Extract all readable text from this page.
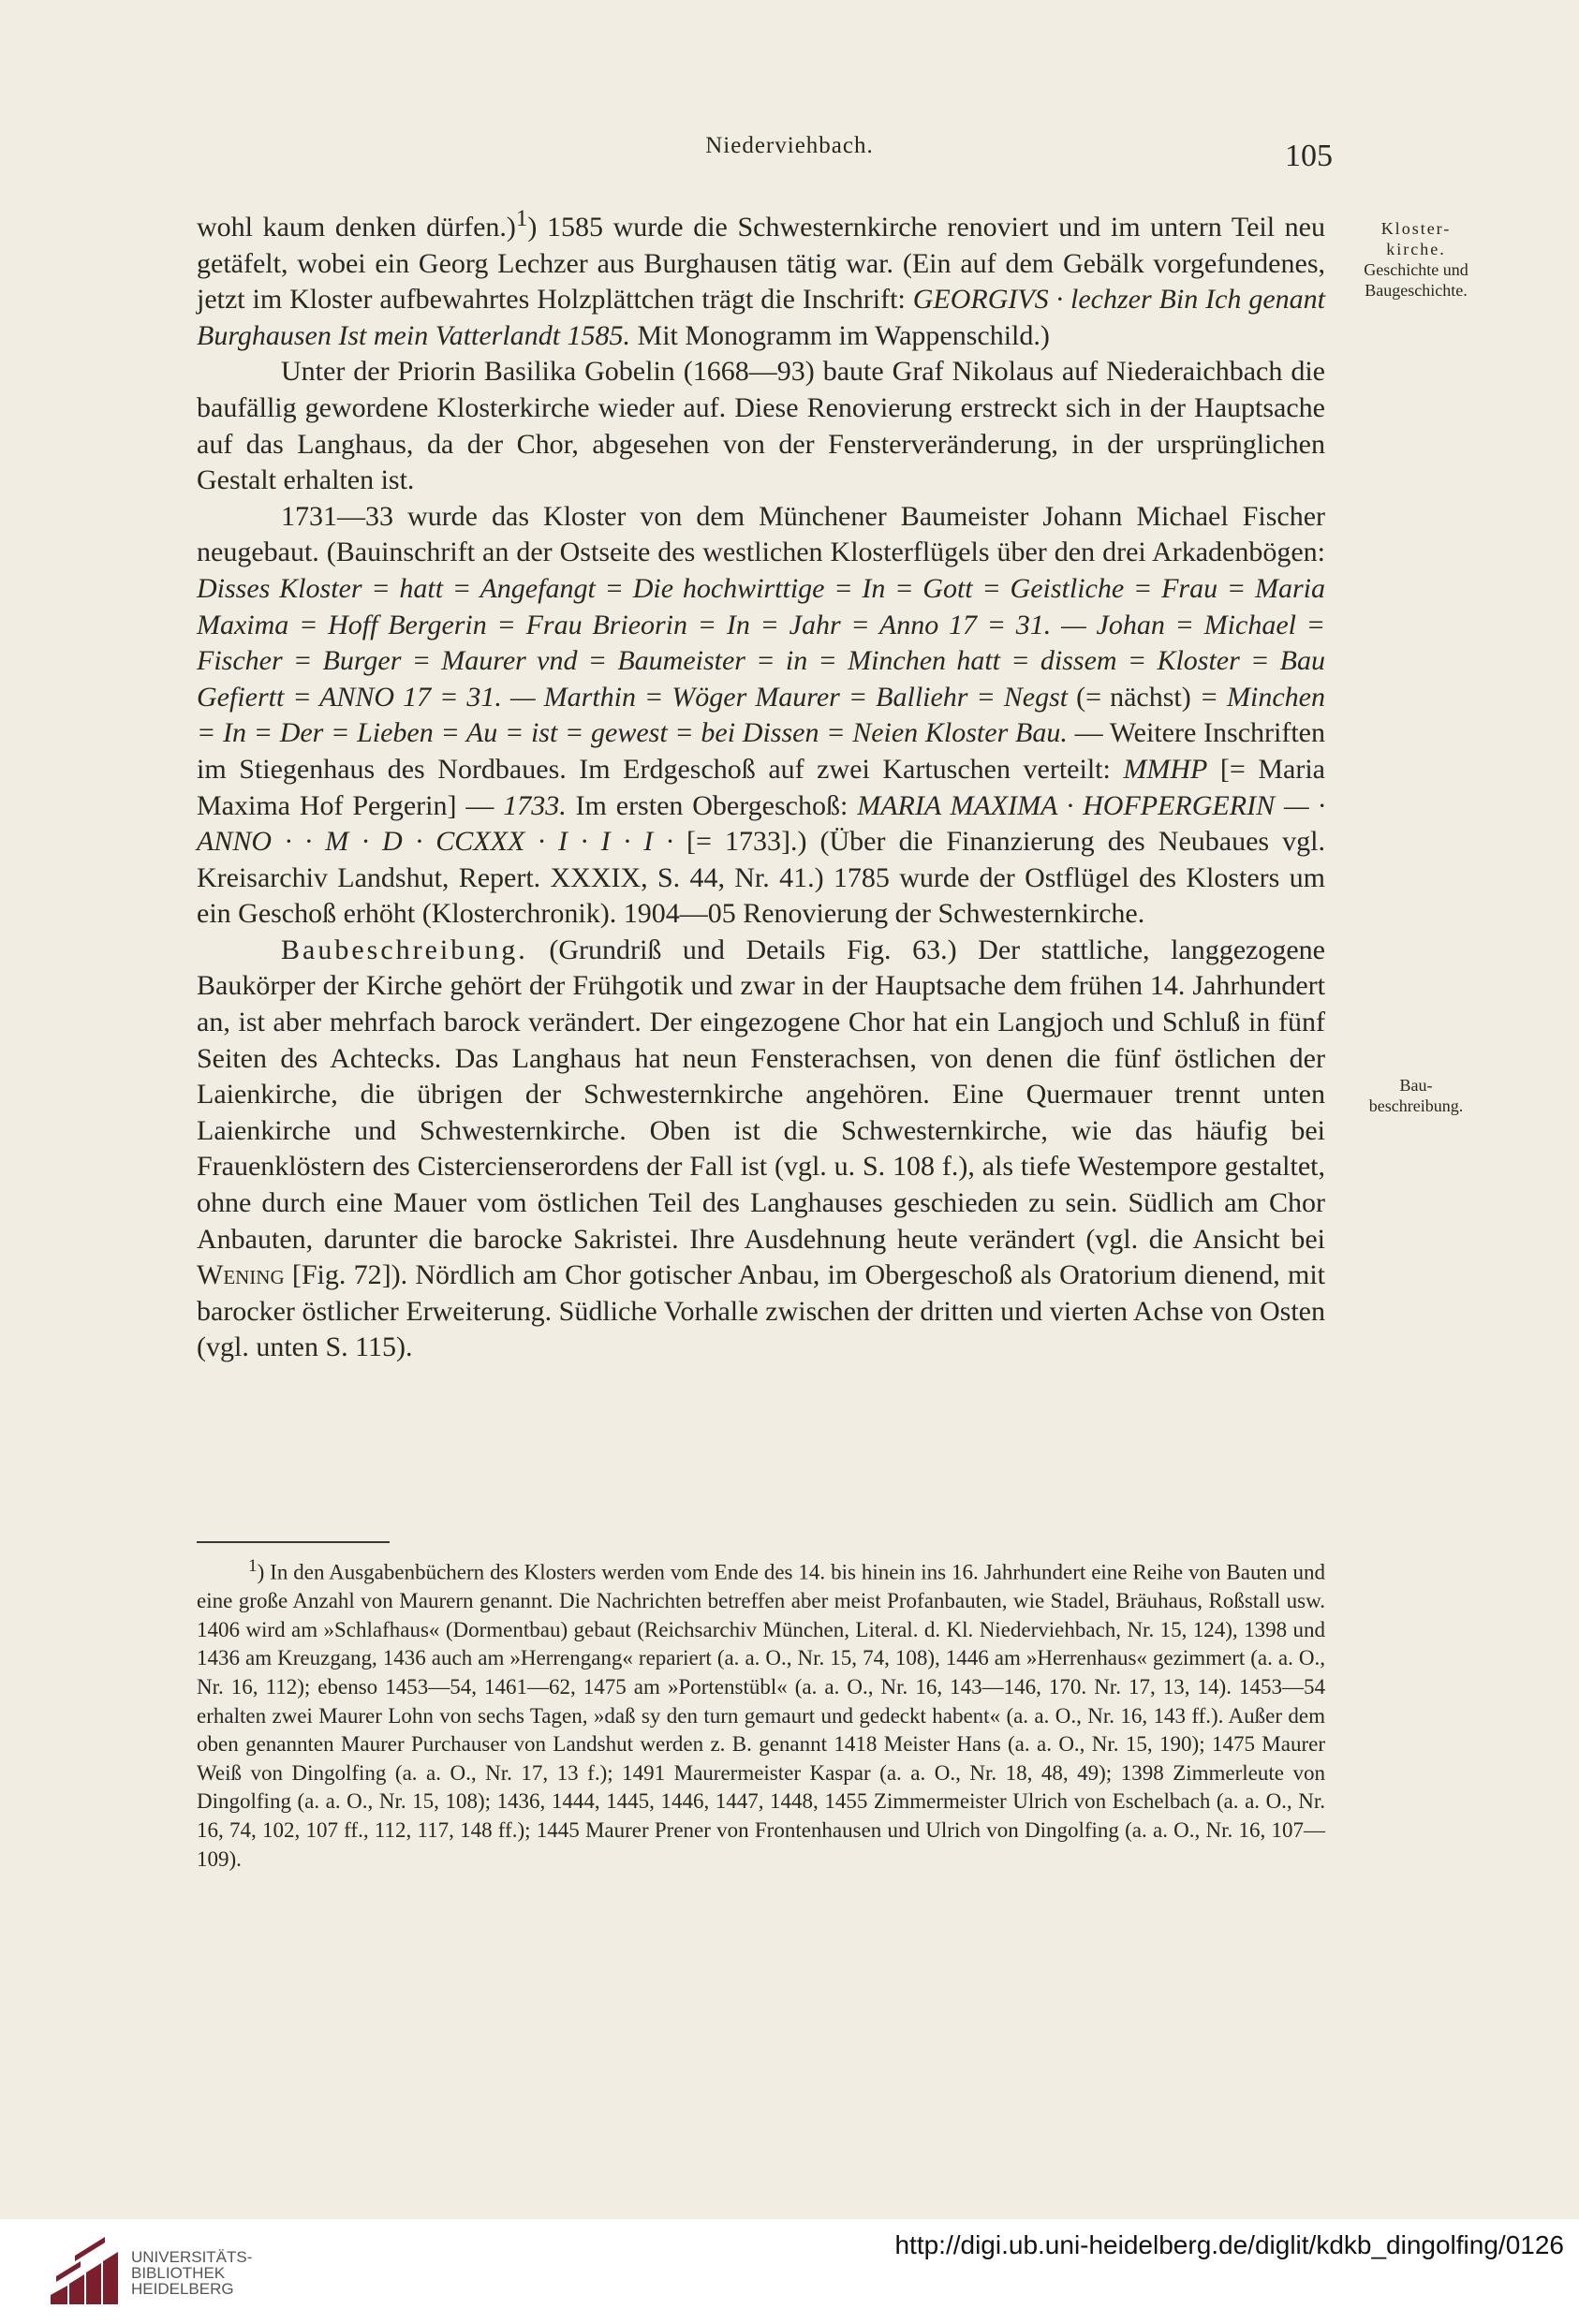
Niederviehbach.	105
Kloster-
kirche.
Geschichte und
Baugeschichte.
Bau-
beschreibung.

wohl kaum denken dürfen.)$^1$) 1585 wurde die Schwesternkirche renoviert und im untern Teil neu getäfelt, wobei ein Georg Lechzer aus Burghausen tätig war. (Ein auf dem Gebälk vorgefundenes, jetzt im Kloster aufbewahrtes Holzplättchen trägt die Inschrift: GEORGIVS · lechzer Bin Ich genant Burghausen Ist mein Vatterlandt 1585. Mit Monogramm im Wappenschild.)

Unter der Priorin Basilika Gobelin (1668—93) baute Graf Nikolaus auf Niederaichbach die baufällig gewordene Klosterkirche wieder auf. Diese Renovierung erstreckt sich in der Hauptsache auf das Langhaus, da der Chor, abgesehen von der Fensterveränderung, in der ursprünglichen Gestalt erhalten ist.

1731—33 wurde das Kloster von dem Münchener Baumeister Johann Michael Fischer neugebaut. (Bauinschrift an der Ostseite des westlichen Klosterflügels über den drei Arkadenbögen: Disses Kloster = hatt = Angefangt = Die hochwirttige = In = Gott = Geistliche = Frau = Maria Maxima = Hoff Bergerin = Frau Brieorin = In = Jahr = Anno 17 = 31. — Johan = Michael = Fischer = Burger = Maurer vnd = Baumeister = in = Minchen hatt = dissem = Kloster = Bau Gefiertt = ANNO 17 = 31. — Marthin = Wöger Maurer = Balliehr = Negst (= nächst) = Minchen = In = Der = Lieben = Au = ist = gewest = bei Dissen = Neien Kloster Bau. — Weitere Inschriften im Stiegenhaus des Nordbaues. Im Erdgeschoß auf zwei Kartuschen verteilt: MMHP [= Maria Maxima Hof Pergerin] — 1733. Im ersten Obergeschoß: MARIA MAXIMA · HOFPERGERIN — · ANNO · · M · D · CCXXX · I · I · I · [= 1733].) (Über die Finanzierung des Neubaues vgl. Kreisarchiv Landshut, Repert. XXXIX, S. 44, Nr. 41.) 1785 wurde der Ostflügel des Klosters um ein Geschoß erhöht (Klosterchronik). 1904—05 Renovierung der Schwesternkirche.

Baubeschreibung. (Grundriß und Details Fig. 63.) Der stattliche, langgezogene Baukörper der Kirche gehört der Frühgotik und zwar in der Hauptsache dem frühen 14. Jahrhundert an, ist aber mehrfach barock verändert. Der eingezogene Chor hat ein Langjoch und Schluß in fünf Seiten des Achtecks. Das Langhaus hat neun Fensterachsen, von denen die fünf östlichen der Laienkirche, die übrigen der Schwesternkirche angehören. Eine Quermauer trennt unten Laienkirche und Schwesternkirche. Oben ist die Schwesternkirche, wie das häufig bei Frauenklöstern des Cistercienserordens der Fall ist (vgl. u. S. 108 f.), als tiefe Westempore gestaltet, ohne durch eine Mauer vom östlichen Teil des Langhauses geschieden zu sein. Südlich am Chor Anbauten, darunter die barocke Sakristei. Ihre Ausdehnung heute verändert (vgl. die Ansicht bei Wening [Fig. 72]). Nördlich am Chor gotischer Anbau, im Obergeschoß als Oratorium dienend, mit barocker östlicher Erweiterung. Südliche Vorhalle zwischen der dritten und vierten Achse von Osten (vgl. unten S. 115).

$^1$) In den Ausgabenbüchern des Klosters werden vom Ende des 14. bis hinein ins 16. Jahrhundert eine Reihe von Bauten und eine große Anzahl von Maurern genannt. Die Nachrichten betreffen aber meist Profanbauten, wie Stadel, Bräuhaus, Roßstall usw. 1406 wird am »Schlafhaus« (Dormentbau) gebaut (Reichsarchiv München, Literal. d. Kl. Niederviehbach, Nr. 15, 124), 1398 und 1436 am Kreuzgang, 1436 auch am »Herrengang« repariert (a. a. O., Nr. 15, 74, 108), 1446 am »Herrenhaus« gezimmert (a. a. O., Nr. 16, 112); ebenso 1453—54, 1461—62, 1475 am »Portenstübl« (a. a. O., Nr. 16, 143—146, 170. Nr. 17, 13, 14). 1453—54 erhalten zwei Maurer Lohn von sechs Tagen, »daß sy den turn gemaurt und gedeckt habent« (a. a. O., Nr. 16, 143 ff.). Außer dem oben genannten Maurer Purchauser von Landshut werden z. B. genannt 1418 Meister Hans (a. a. O., Nr. 15, 190); 1475 Maurer Weiß von Dingolfing (a. a. O., Nr. 17, 13 f.); 1491 Maurermeister Kaspar (a. a. O., Nr. 18, 48, 49); 1398 Zimmerleute von Dingolfing (a. a. O., Nr. 15, 108); 1436, 1444, 1445, 1446, 1447, 1448, 1455 Zimmermeister Ulrich von Eschelbach (a. a. O., Nr. 16, 74, 102, 107 ff., 112, 117, 148 ff.); 1445 Maurer Prener von Frontenhausen und Ulrich von Dingolfing (a. a. O., Nr. 16, 107—109).

UNIVERSITÄTS-
BIBLIOTHEK
HEIDELBERG
http://digi.ub.uni-heidelberg.de/diglit/kdkb_dingolfing/0126
